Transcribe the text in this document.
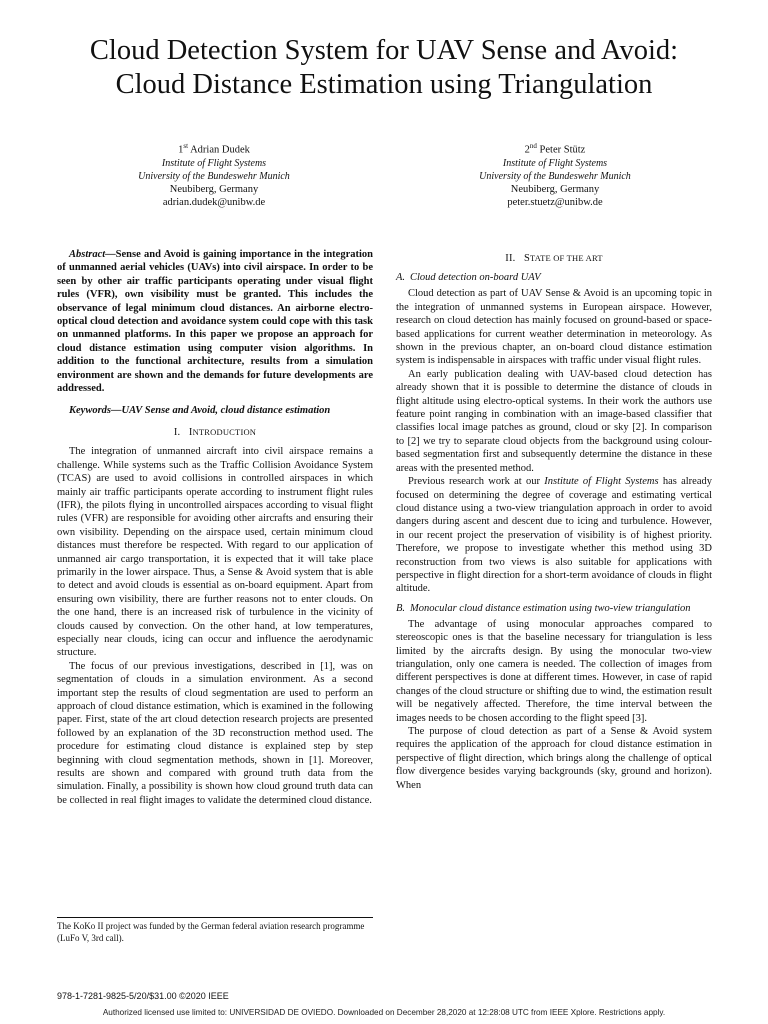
Cloud Detection System for UAV Sense and Avoid:
Cloud Distance Estimation using Triangulation
1st Adrian Dudek
Institute of Flight Systems
University of the Bundeswehr Munich
Neubiberg, Germany
adrian.dudek@unibw.de
2nd Peter Stütz
Institute of Flight Systems
University of the Bundeswehr Munich
Neubiberg, Germany
peter.stuetz@unibw.de

Abstract—Sense and Avoid is gaining importance in the integration of unmanned aerial vehicles (UAVs) into civil airspace. In order to be seen by other air traffic participants operating under visual flight rules (VFR), own visibility must be granted. This includes the observance of legal minimum cloud distances. An airborne electro-optical cloud detection and avoidance system could cope with this task on unmanned platforms. In this paper we propose an approach for cloud distance estimation using computer vision algorithms. In addition to the functional architecture, results from a simulation environment are shown and the demands for future developments are addressed.

Keywords—UAV Sense and Avoid, cloud distance estimation

I. INTRODUCTION

The integration of unmanned aircraft into civil airspace remains a challenge. While systems such as the Traffic Collision Avoidance System (TCAS) are used to avoid collisions in controlled airspaces in which mainly air traffic participants operate according to instrument flight rules (IFR), the pilots flying in uncontrolled airspaces according to visual flight rules (VFR) are responsible for avoiding other aircrafts and ensuring their own visibility. Depending on the airspace used, certain minimum cloud distances must therefore be respected. With regard to our application of unmanned air cargo transportation, it is expected that it will take place primarily in the lower airspace. Thus, a Sense & Avoid system that is able to detect and avoid clouds is essential as on-board equipment. Apart from ensuring own visibility, there are further reasons not to enter clouds. On the one hand, there is an increased risk of turbulence in the vicinity of clouds caused by convection. On the other hand, at low temperatures, especially near clouds, icing can occur and influence the aerodynamic structure.

The focus of our previous investigations, described in [1], was on segmentation of clouds in a simulation environment. As a second important step the results of cloud segmentation are used to perform an approach of cloud distance estimation, which is examined in the following paper. First, state of the art cloud detection research projects are presented followed by an explanation of the 3D reconstruction method used. The procedure for estimating cloud distance is explained step by step beginning with cloud segmentation methods, shown in [1]. Moreover, results are shown and compared with ground truth data from the simulation. Finally, a possibility is shown how cloud ground truth data can be collected in real flight images to validate the determined cloud distance.

II. STATE OF THE ART
A. Cloud detection on-board UAV

Cloud detection as part of UAV Sense & Avoid is an upcoming topic in the integration of unmanned systems in European airspace. However, research on cloud detection has mainly focused on ground-based or space-based applications for current weather determination in meteorology. As shown in the previous chapter, an on-board cloud distance estimation system is indispensable in airspaces with traffic under visual flight rules.

An early publication dealing with UAV-based cloud detection has already shown that it is possible to determine the distance of clouds in flight altitude using electro-optical systems. In their work the authors use feature point ranging in combination with an image-based classifier that classifies local image patches as ground, cloud or sky [2]. In comparison to [2] we try to separate cloud objects from the background using colour-based segmentation first and subsequently determine the distance in these areas with the presented method.

Previous research work at our Institute of Flight Systems has already focused on determining the degree of coverage and estimating vertical cloud distance using a two-view triangulation approach in order to avoid dangers during ascent and descent due to icing and turbulence. However, in our recent project the preservation of visibility is of highest priority. Therefore, we propose to investigate whether this method using 3D reconstruction from two views is also suitable for applications with perspective in flight direction for a short-term avoidance of clouds in flight altitude.

B. Monocular cloud distance estimation using two-view triangulation

The advantage of using monocular approaches compared to stereoscopic ones is that the baseline necessary for triangulation is less limited by the aircrafts design. By using the monocular two-view triangulation, only one camera is needed. The collection of images from different perspectives is done at different times. However, in case of rapid changes of the cloud structure or shifting due to wind, the estimation result will be negatively affected. Therefore, the time interval between the images needs to be chosen according to the flight speed [3].

The purpose of cloud detection as part of a Sense & Avoid system requires the application of the approach for cloud distance estimation in perspective of flight direction, which brings along the challenge of optical flow divergence besides varying backgrounds (sky, ground and horizon). When

The KoKo II project was funded by the German federal aviation research programme (LuFo V, 3rd call).
978-1-7281-9825-5/20/$31.00 ©2020 IEEE
Authorized licensed use limited to: UNIVERSIDAD DE OVIEDO. Downloaded on December 28,2020 at 12:28:08 UTC from IEEE Xplore. Restrictions apply.
